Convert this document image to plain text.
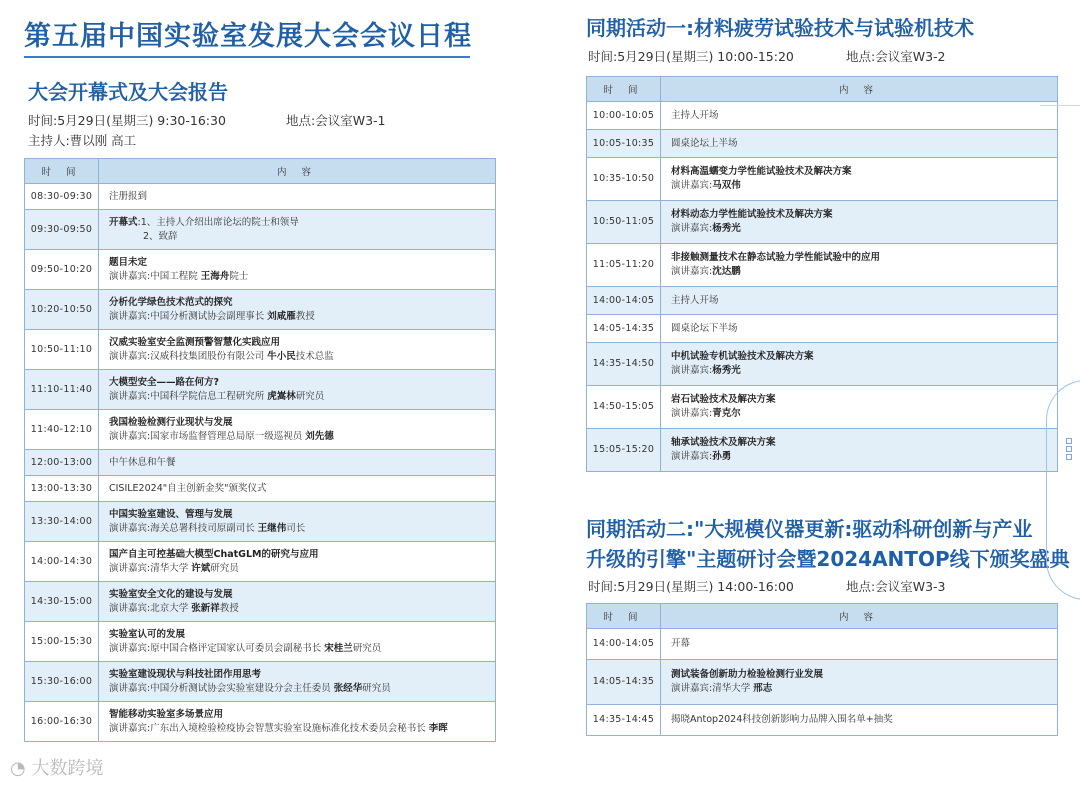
第五届中国实验室发展大会会议日程
大会开幕式及大会报告
时间:5月29日(星期三) 9:30-16:30	地点:会议室W3-1
主持人:曹以刚 高工
时 间	内 容
08:30-09:30	注册报到

09:30-09:50	开幕式:1、主持人介绍出席论坛的院士和领导
2、致辞

09:50-10:20	题目未定
演讲嘉宾:中国工程院 王海舟院士

10:20-10:50	分析化学绿色技术范式的探究
演讲嘉宾:中国分析测试协会副理事长 刘咸雁教授

10:50-11:10	汉威实验室安全监测预警智慧化实践应用
演讲嘉宾:汉威科技集团股份有限公司 牛小民技术总监

11:10-11:40	大模型安全——路在何方?
演讲嘉宾:中国科学院信息工程研究所 虎嵩林研究员

11:40-12:10	我国检验检测行业现状与发展
演讲嘉宾:国家市场监督管理总局原一级巡视员 刘先德

12:00-13:00	中午休息和午餐

13:00-13:30	CISILE2024"自主创新金奖"颁奖仪式

13:30-14:00	中国实验室建设、管理与发展
演讲嘉宾:海关总署科技司原副司长 王继伟司长

14:00-14:30	国产自主可控基础大模型ChatGLM的研究与应用
演讲嘉宾:清华大学 许斌研究员

14:30-15:00	实验室安全文化的建设与发展
演讲嘉宾:北京大学 张新祥教授

15:00-15:30	实验室认可的发展
演讲嘉宾:原中国合格评定国家认可委员会副秘书长 宋桂兰研究员

15:30-16:00	实验室建设现状与科技社团作用思考
演讲嘉宾:中国分析测试协会实验室建设分会主任委员 张经华研究员

16:00-16:30	智能移动实验室多场景应用
演讲嘉宾:广东出入境检验检疫协会智慧实验室设施标准化技术委员会秘书长 李晖
同期活动一:材料疲劳试验技术与试验机技术
时间:5月29日(星期三) 10:00-15:20	地点:会议室W3-2
时 间	内 容
10:00-10:05	主持人开场

10:05-10:35	圆桌论坛上半场

10:35-10:50	材料高温蠕变力学性能试验技术及解决方案
演讲嘉宾:马双伟

10:50-11:05	材料动态力学性能试验技术及解决方案
演讲嘉宾:杨秀光

11:05-11:20	非接触测量技术在静态试验力学性能试验中的应用
演讲嘉宾:沈达鹏

14:00-14:05	主持人开场

14:05-14:35	圆桌论坛下半场

14:35-14:50	中机试验专机试验技术及解决方案
演讲嘉宾:杨秀光

14:50-15:05	岩石试验技术及解决方案
演讲嘉宾:青克尔

15:05-15:20	轴承试验技术及解决方案
演讲嘉宾:孙勇
同期活动二:"大规模仪器更新:驱动科研创新与产业
升级的引擎"主题研讨会暨2024ANTOP线下颁奖盛典
时间:5月29日(星期三) 14:00-16:00	地点:会议室W3-3
时 间	内 容
14:00-14:05	开幕

14:05-14:35	测试装备创新助力检验检测行业发展
演讲嘉宾:清华大学 邢志

14:35-14:45	揭晓Antop2024科技创新影响力品牌入围名单+抽奖
◔ 大数跨境
